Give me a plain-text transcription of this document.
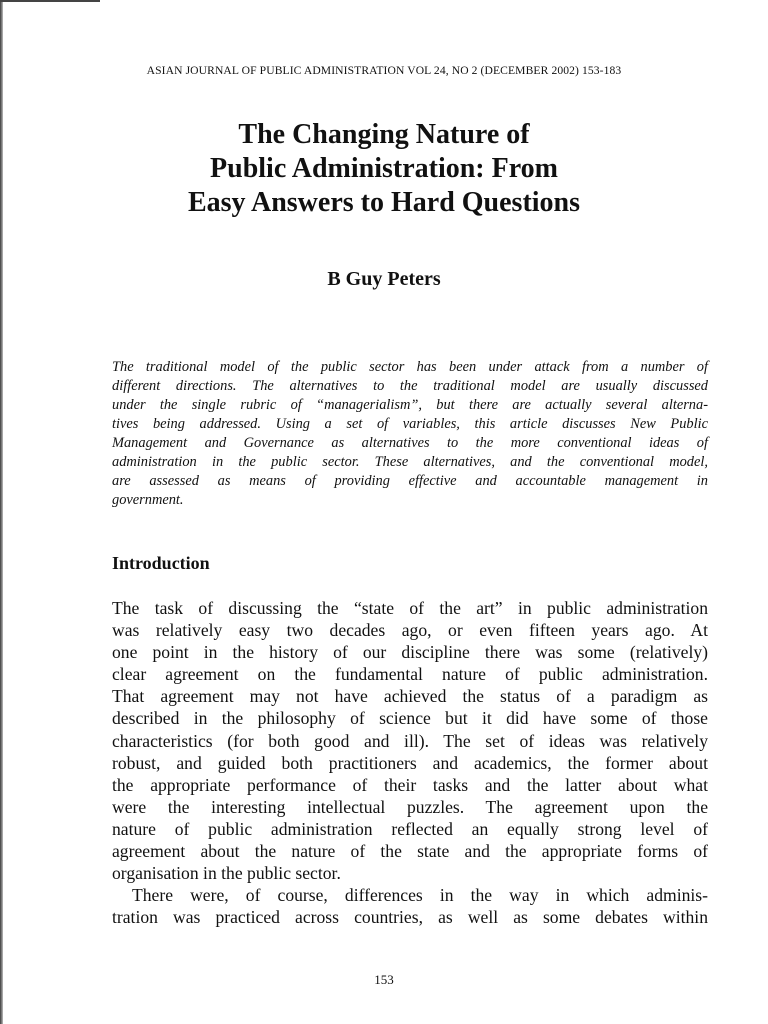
ASIAN JOURNAL OF PUBLIC ADMINISTRATION VOL 24, NO 2 (DECEMBER 2002) 153-183
The Changing Nature of
Public Administration: From
Easy Answers to Hard Questions
B Guy Peters
The traditional model of the public sector has been under attack from a number of
different directions. The alternatives to the traditional model are usually discussed
under the single rubric of “managerialism”, but there are actually several alterna-
tives being addressed. Using a set of variables, this article discusses New Public
Management and Governance as alternatives to the more conventional ideas of
administration in the public sector. These alternatives, and the conventional model,
are assessed as means of providing effective and accountable management in
government.
Introduction
The task of discussing the “state of the art” in public administration
was relatively easy two decades ago, or even fifteen years ago. At
one point in the history of our discipline there was some (relatively)
clear agreement on the fundamental nature of public administration.
That agreement may not have achieved the status of a paradigm as
described in the philosophy of science but it did have some of those
characteristics (for both good and ill). The set of ideas was relatively
robust, and guided both practitioners and academics, the former about
the appropriate performance of their tasks and the latter about what
were the interesting intellectual puzzles. The agreement upon the
nature of public administration reflected an equally strong level of
agreement about the nature of the state and the appropriate forms of
organisation in the public sector.
There were, of course, differences in the way in which adminis-
tration was practiced across countries, as well as some debates within
153
